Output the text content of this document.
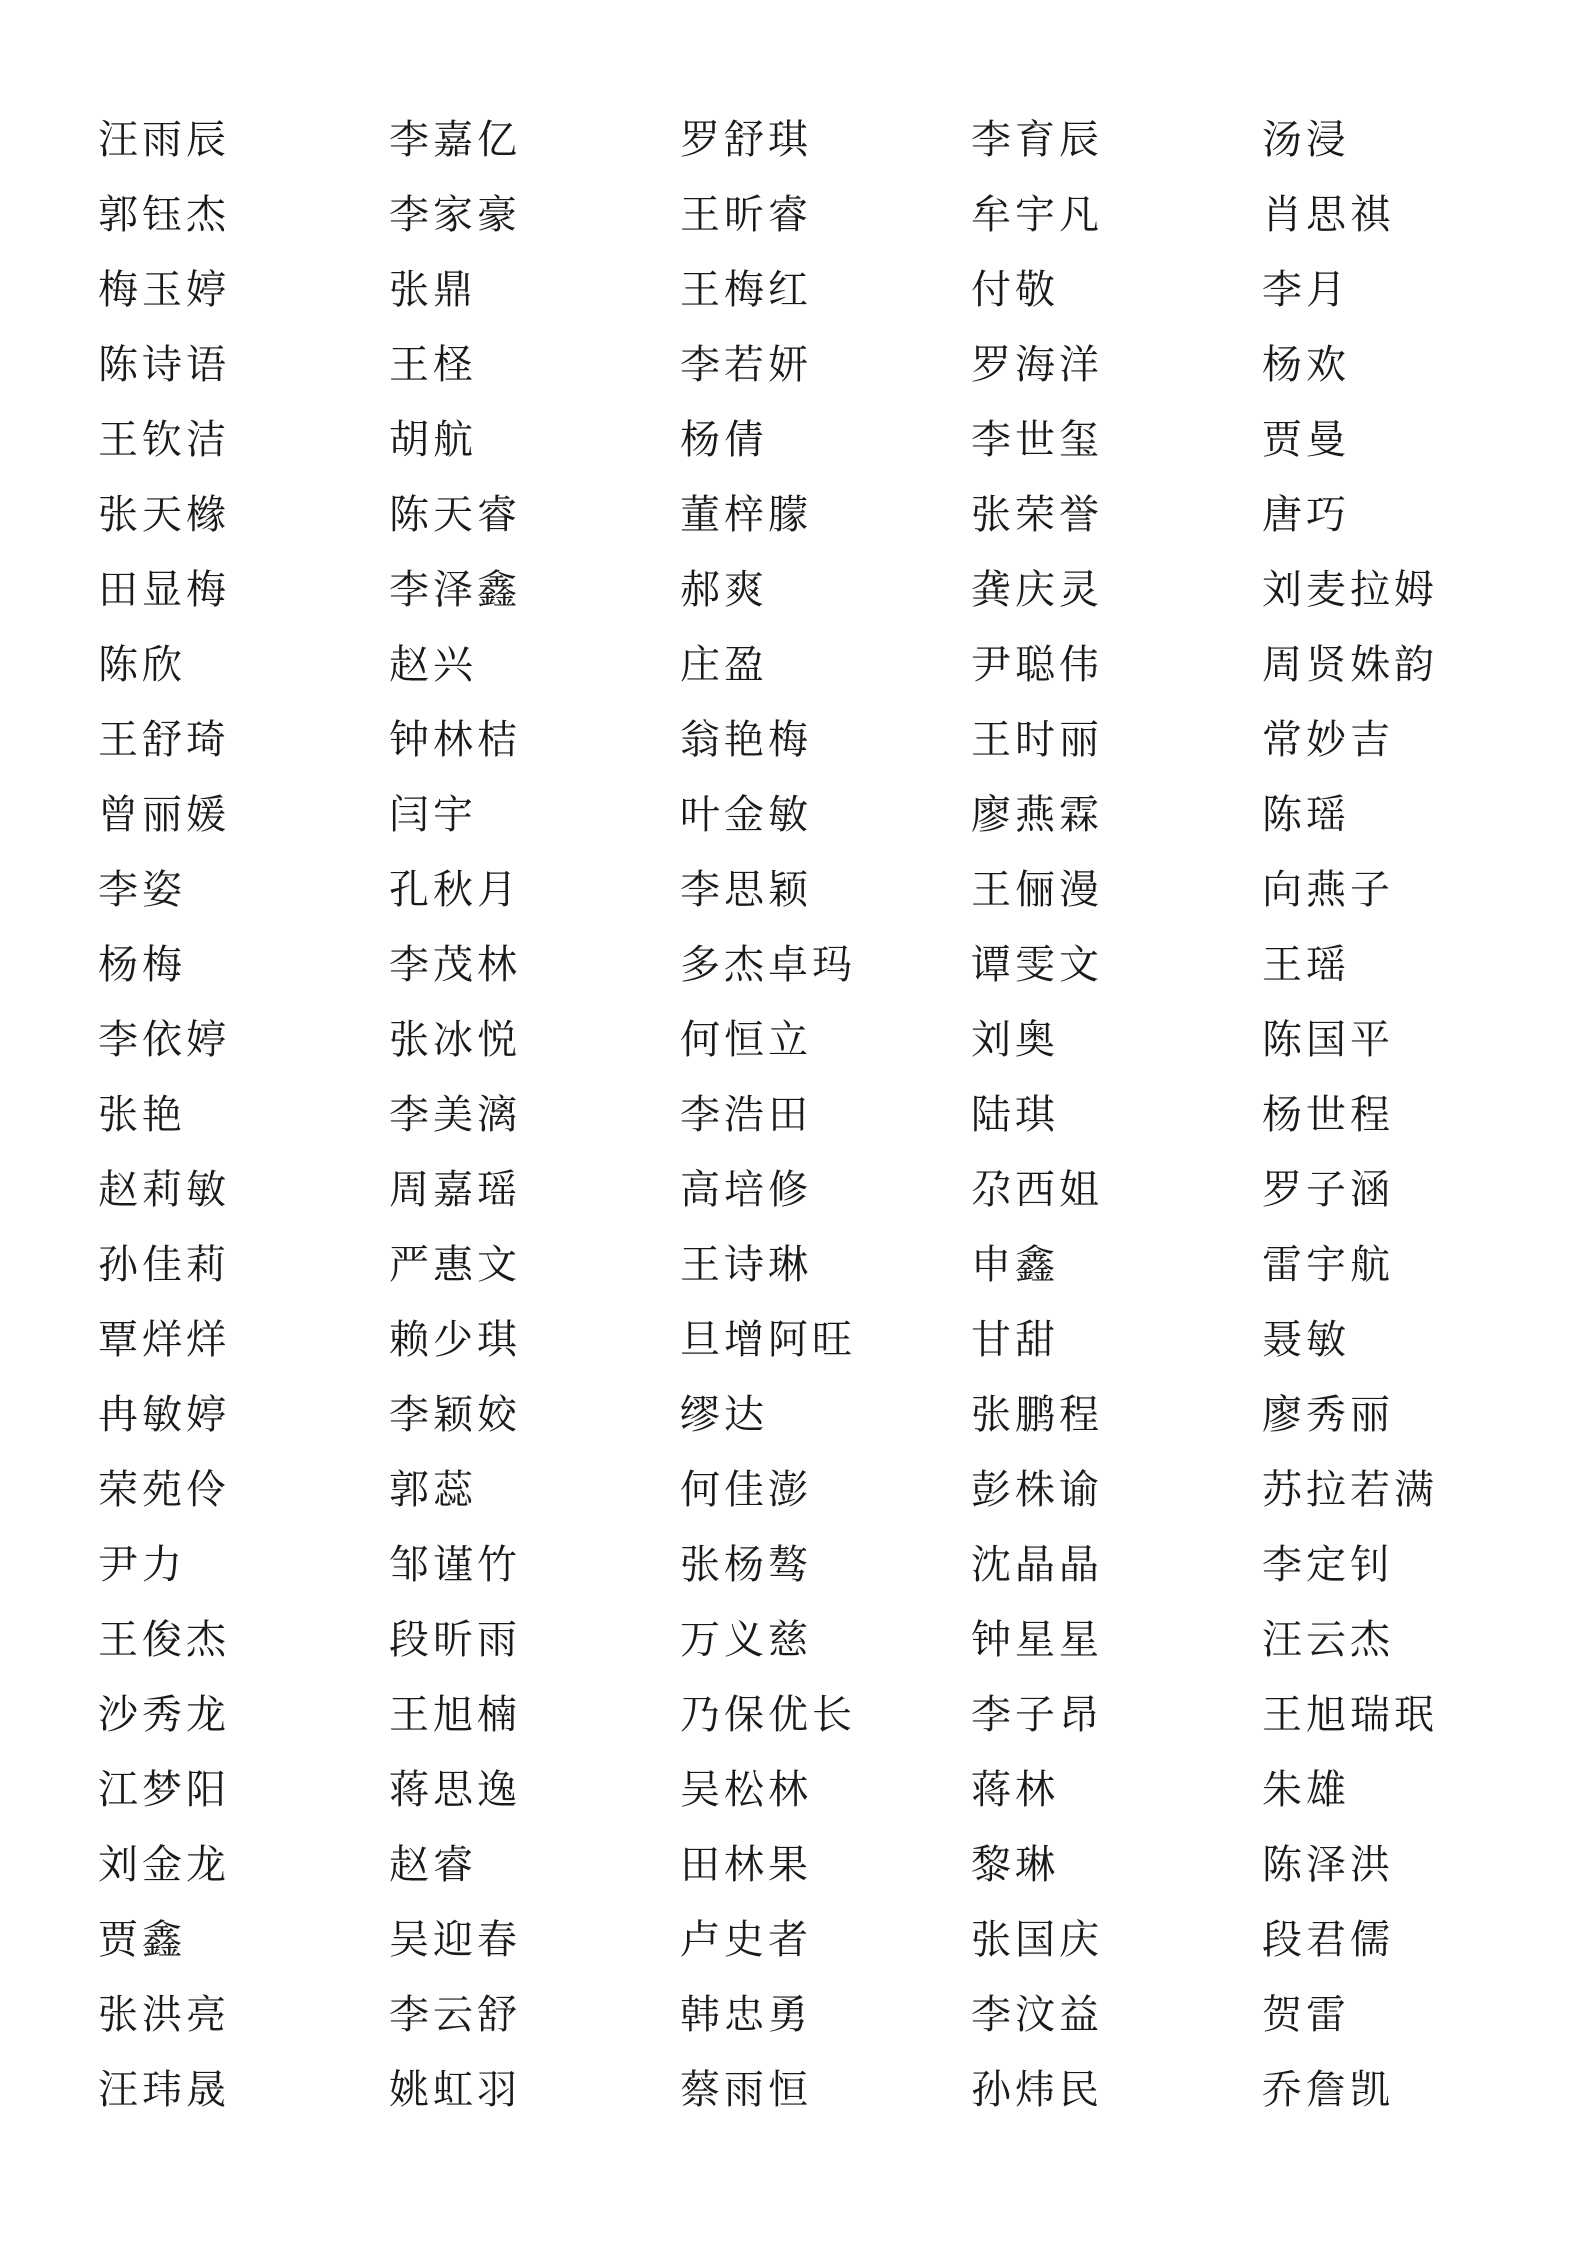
汪雨辰	李嘉亿	罗舒琪	李育辰	汤浸
郭钰杰	李家豪	王昕睿	牟宇凡	肖思祺
梅玉婷	张鼎	王梅红	付敬	李月
陈诗语	王柽	李若妍	罗海洋	杨欢
王钦洁	胡航	杨倩	李世玺	贾曼
张天橼	陈天睿	董梓朦	张荣誉	唐巧
田显梅	李泽鑫	郝爽	龚庆灵	刘麦拉姆
陈欣	赵兴	庄盈	尹聪伟	周贤姝韵
王舒琦	钟林桔	翁艳梅	王时丽	常妙吉
曾丽媛	闫宇	叶金敏	廖燕霖	陈瑶
李姿	孔秋月	李思颖	王俪漫	向燕子
杨梅	李茂林	多杰卓玛	谭雯文	王瑶
李依婷	张冰悦	何恒立	刘奥	陈国平
张艳	李美漓	李浩田	陆琪	杨世程
赵莉敏	周嘉瑶	高培修	尕西姐	罗子涵
孙佳莉	严惠文	王诗琳	申鑫	雷宇航
覃烊烊	赖少琪	旦增阿旺	甘甜	聂敏
冉敏婷	李颖姣	缪达	张鹏程	廖秀丽
荣苑伶	郭蕊	何佳澎	彭株谕	苏拉若满
尹力	邹谨竹	张杨骜	沈晶晶	李定钊
王俊杰	段昕雨	万义慈	钟星星	汪云杰
沙秀龙	王旭楠	乃保优长	李子昂	王旭瑞珉
江梦阳	蒋思逸	吴松林	蒋林	朱雄
刘金龙	赵睿	田林果	黎琳	陈泽洪
贾鑫	吴迎春	卢史者	张国庆	段君儒
张洪亮	李云舒	韩忠勇	李汶益	贺雷
汪玮晟	姚虹羽	蔡雨恒	孙炜民	乔詹凯
